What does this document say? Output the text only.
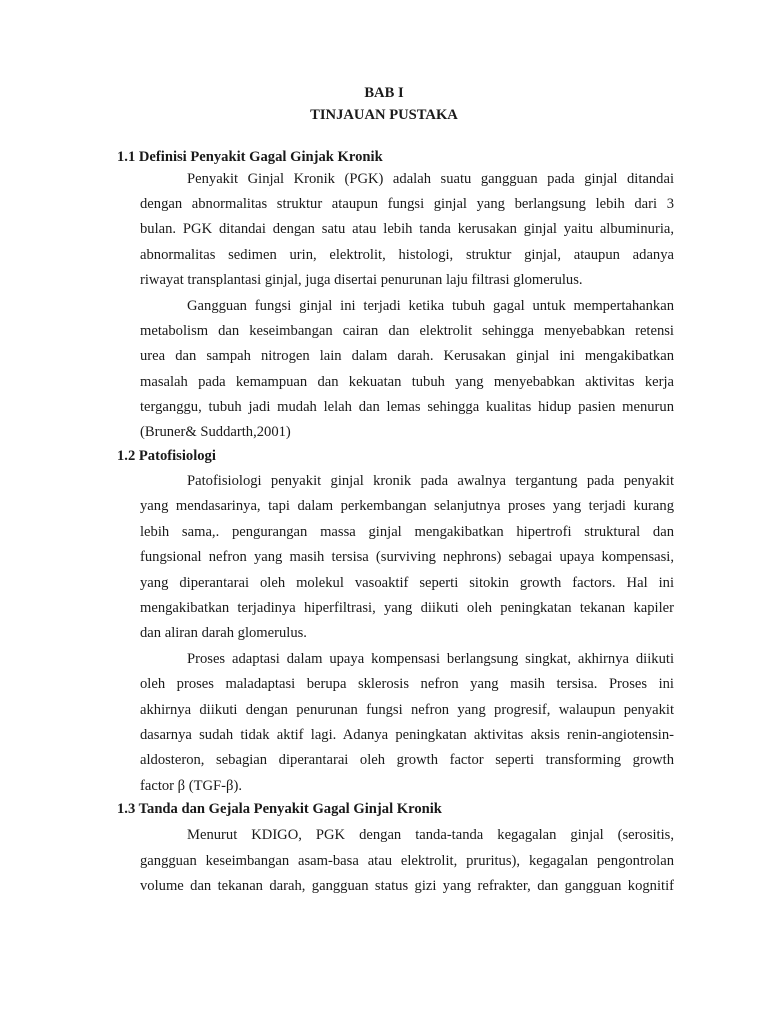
BAB I
TINJAUAN PUSTAKA
1.1 Definisi Penyakit Gagal Ginjak Kronik
Penyakit Ginjal Kronik (PGK) adalah suatu gangguan pada ginjal ditandai
dengan abnormalitas struktur ataupun fungsi ginjal yang berlangsung lebih dari 3
bulan. PGK ditandai dengan satu atau lebih tanda kerusakan ginjal yaitu albuminuria,
abnormalitas sedimen urin, elektrolit, histologi, struktur ginjal, ataupun adanya
riwayat transplantasi ginjal, juga disertai penurunan laju filtrasi glomerulus.
Gangguan fungsi ginjal ini terjadi ketika tubuh gagal untuk mempertahankan
metabolism dan keseimbangan cairan dan elektrolit sehingga menyebabkan retensi
urea dan sampah nitrogen lain dalam darah. Kerusakan ginjal ini mengakibatkan
masalah pada kemampuan dan kekuatan tubuh yang menyebabkan aktivitas kerja
terganggu, tubuh jadi mudah lelah dan lemas sehingga kualitas hidup pasien menurun
(Bruner& Suddarth,2001)
1.2 Patofisiologi
Patofisiologi penyakit ginjal kronik pada awalnya tergantung pada penyakit
yang mendasarinya, tapi dalam perkembangan selanjutnya proses yang terjadi kurang
lebih sama,. pengurangan massa ginjal mengakibatkan hipertrofi struktural dan
fungsional nefron yang masih tersisa (surviving nephrons) sebagai upaya kompensasi,
yang diperantarai oleh molekul vasoaktif seperti sitokin growth factors. Hal ini
mengakibatkan terjadinya hiperfiltrasi, yang diikuti oleh peningkatan tekanan kapiler
dan aliran darah glomerulus.
Proses adaptasi dalam upaya kompensasi berlangsung singkat, akhirnya diikuti
oleh proses maladaptasi berupa sklerosis nefron yang masih tersisa. Proses ini
akhirnya diikuti dengan penurunan fungsi nefron yang progresif, walaupun penyakit
dasarnya sudah tidak aktif lagi. Adanya peningkatan aktivitas aksis renin-angiotensin-
aldosteron, sebagian diperantarai oleh growth factor seperti transforming growth
factor β (TGF-β).
1.3 Tanda dan Gejala Penyakit Gagal Ginjal Kronik
Menurut KDIGO, PGK dengan tanda-tanda kegagalan ginjal (serositis,
gangguan keseimbangan asam-basa atau elektrolit, pruritus), kegagalan pengontrolan
volume dan tekanan darah, gangguan status gizi yang refrakter, dan gangguan kognitif
